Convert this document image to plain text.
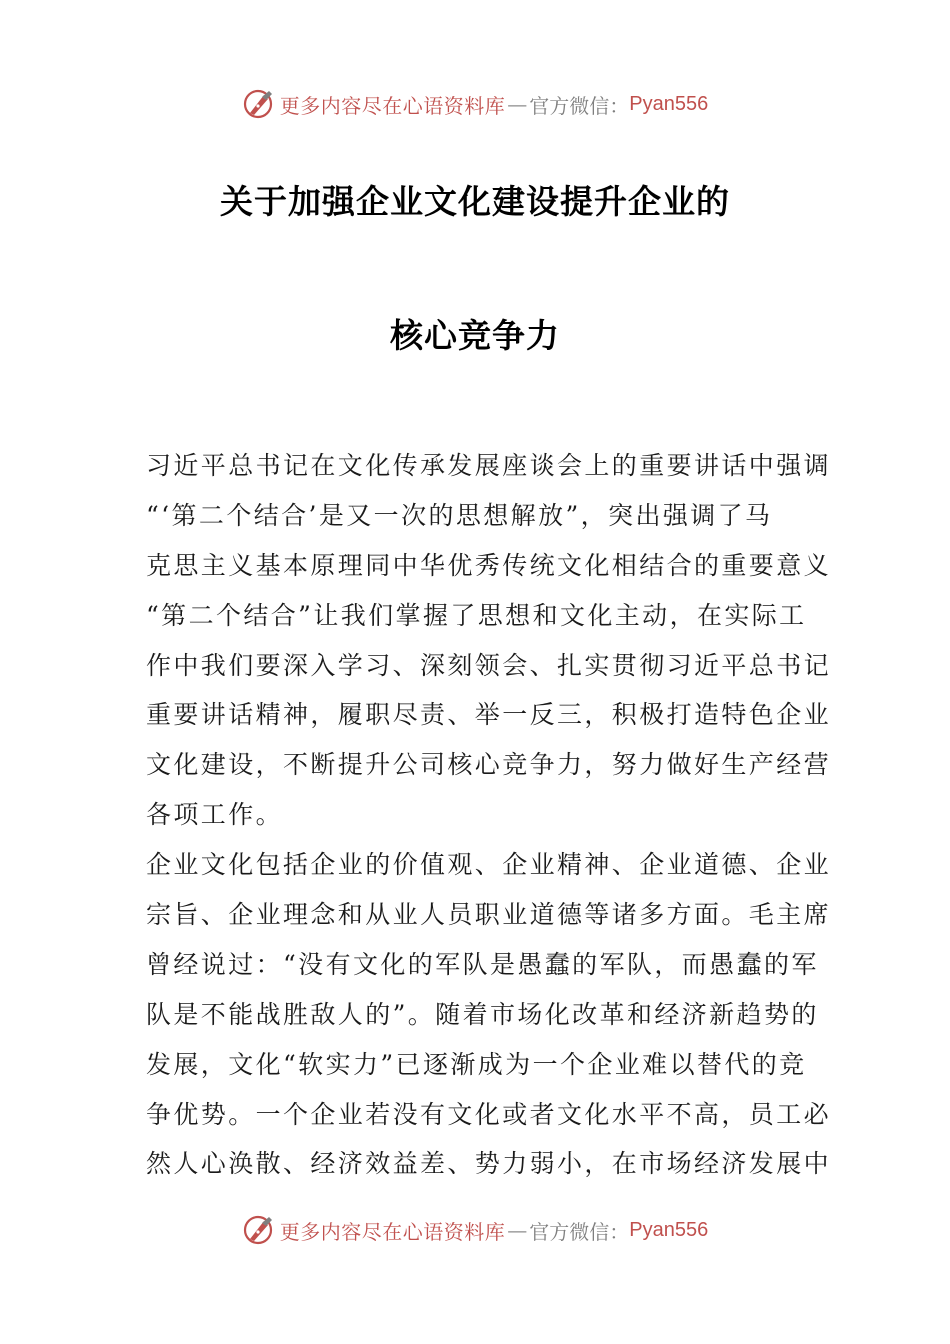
更多内容尽在心语资料库 — 官方微信： Pyan556
关于加强企业文化建设提升企业的
核心竞争力
习近平总书记在文化传承发展座谈会上的重要讲话中强调
“‘第二个结合’是又一次的思想解放”，突出强调了马
克思主义基本原理同中华优秀传统文化相结合的重要意义
“第二个结合”让我们掌握了思想和文化主动，在实际工
作中我们要深入学习、深刻领会、扎实贯彻习近平总书记
重要讲话精神，履职尽责、举一反三，积极打造特色企业
文化建设，不断提升公司核心竞争力，努力做好生产经营
各项工作。
企业文化包括企业的价值观、企业精神、企业道德、企业
宗旨、企业理念和从业人员职业道德等诸多方面。毛主席
曾经说过：“没有文化的军队是愚蠢的军队，而愚蠢的军
队是不能战胜敌人的”。随着市场化改革和经济新趋势的
发展，文化“软实力”已逐渐成为一个企业难以替代的竞
争优势。一个企业若没有文化或者文化水平不高，员工必
然人心涣散、经济效益差、势力弱小，在市场经济发展中
更多内容尽在心语资料库 — 官方微信： Pyan556
